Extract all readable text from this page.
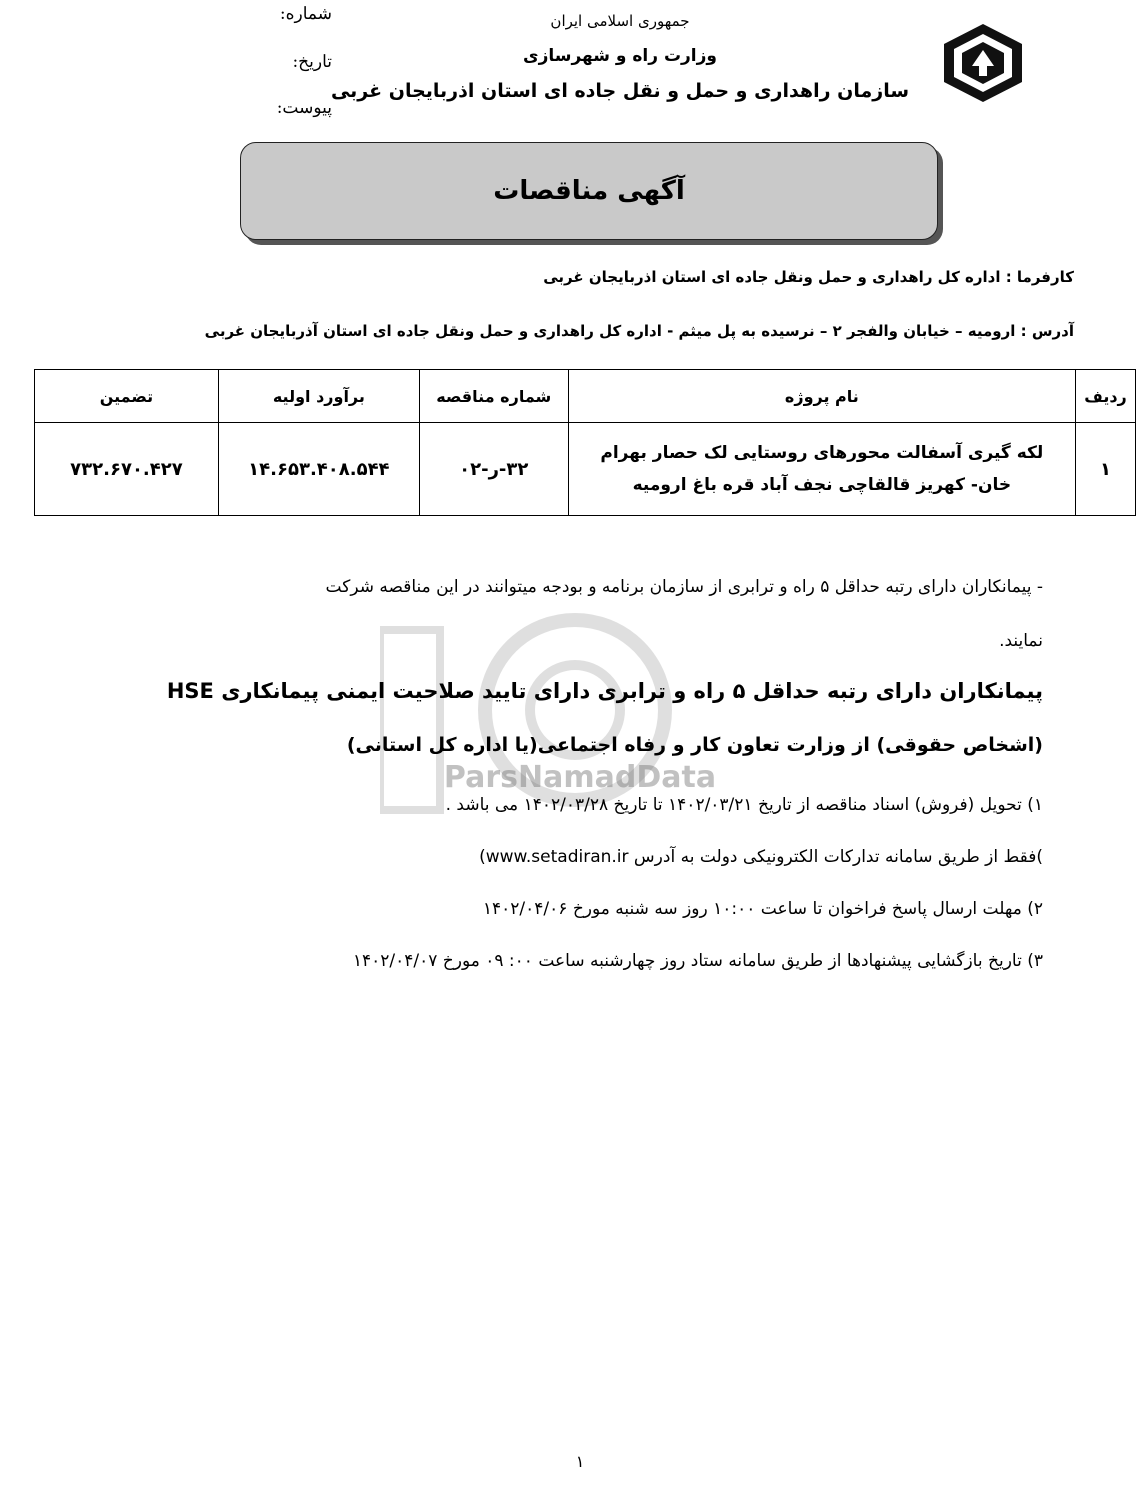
شماره:
تاریخ:
پیوست:
جمهوری اسلامی ایران
وزارت راه و شهرسازی
سازمان راهداری و حمل و نقل جاده ای استان اذربایجان غربی
آگهی مناقصات
کارفرما : اداره کل راهداری و حمل ونقل جاده ای استان اذربایجان غربی
آدرس : ارومیه – خیابان والفجر ۲ – نرسیده به پل میثم - اداره کل راهداری و حمل ونقل جاده ای استان آذربایجان غربی
ردیف	نام پروژه	شماره مناقصه	برآورد اولیه	تضمین
۱	لکه گیری آسفالت محورهای روستایی لک حصار بهرام خان- کهریز قالقاچی نجف آباد قره باغ ارومیه	۳۲-ر-۰۲	۱۴.۶۵۳.۴۰۸.۵۴۴	۷۳۲.۶۷۰.۴۲۷
ParsNamadData
- پیمانکاران دارای رتبه حداقل ۵ راه و ترابری از سازمان برنامه و بودجه میتوانند در این مناقصه شرکت
نمایند.
پیمانکاران دارای رتبه حداقل ۵ راه و ترابری دارای تایید صلاحیت ایمنی پیمانکاری HSE
(اشخاص حقوقی) از وزارت تعاون کار و رفاه اجتماعی(یا اداره کل استانی)
۱) تحویل (فروش) اسناد مناقصه از تاریخ ۱۴۰۲/۰۳/۲۱ تا تاریخ ۱۴۰۲/۰۳/۲۸ می باشد .
)فقط از طریق سامانه تدارکات الکترونیکی دولت به آدرس www.setadiran.ir)
۲) مهلت ارسال پاسخ فراخوان تا ساعت ۱۰:۰۰ روز سه شنبه مورخ ۱۴۰۲/۰۴/۰۶
۳) تاریخ بازگشایی پیشنهادها از طریق سامانه ستاد روز چهارشنبه ساعت ۰۰: ۰۹ مورخ ۱۴۰۲/۰۴/۰۷
۱
